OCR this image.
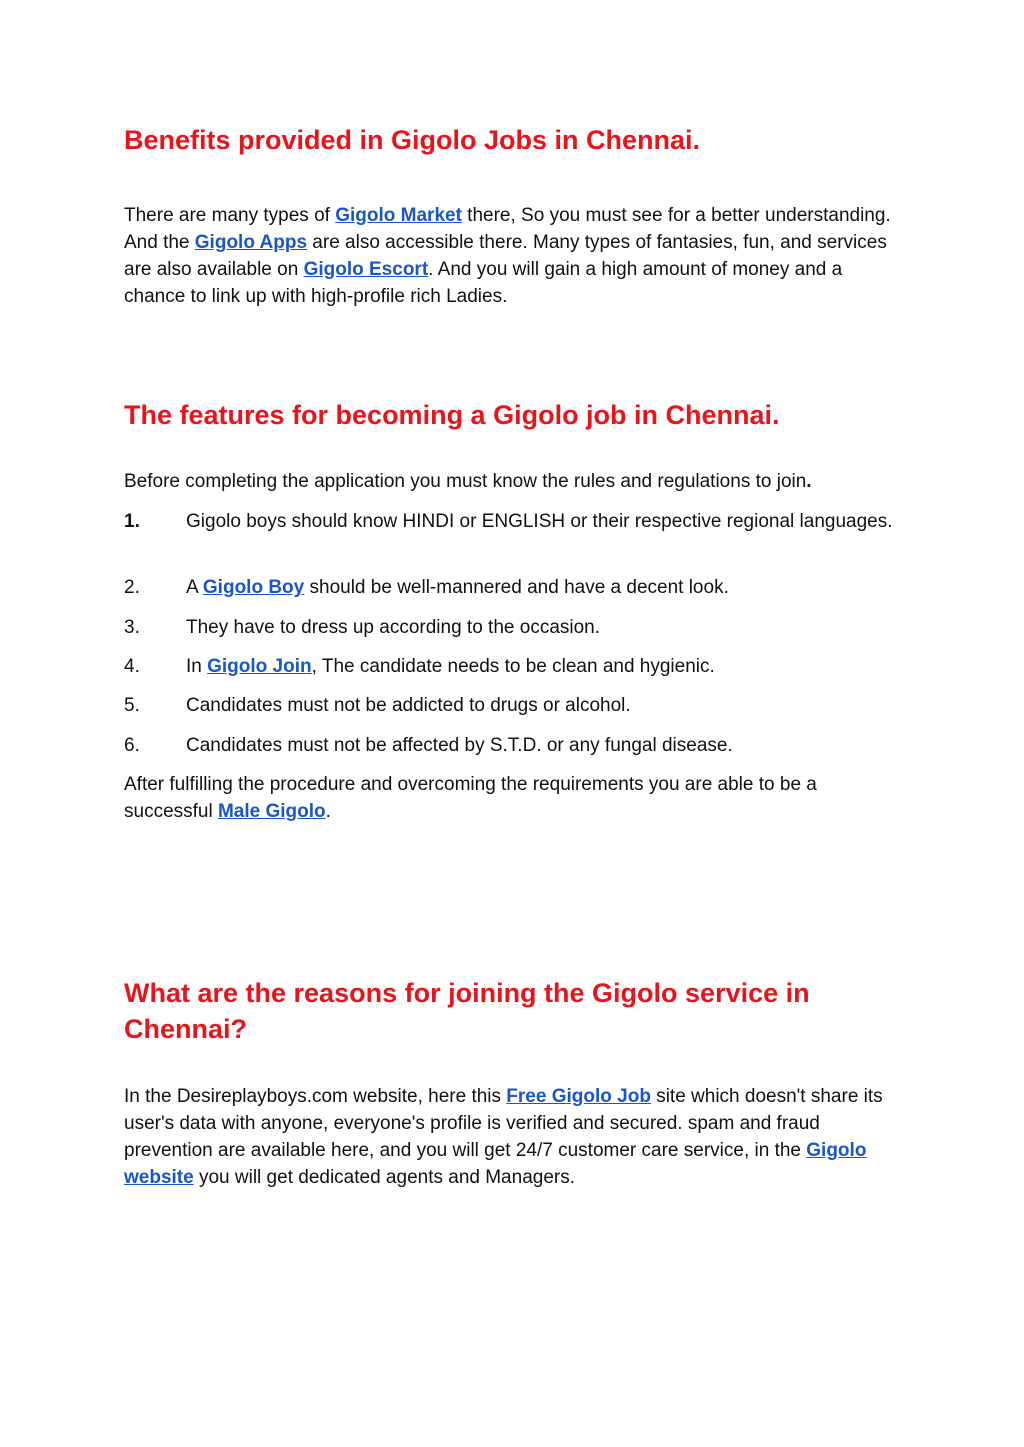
Benefits provided in Gigolo Jobs in Chennai.

There are many types of Gigolo Market there, So you must see for a better understanding. And the Gigolo Apps are also accessible there. Many types of fantasies, fun, and services are also available on Gigolo Escort. And you will gain a high amount of money and a chance to link up with high-profile rich Ladies.

The features for becoming a Gigolo job in Chennai.

Before completing the application you must know the rules and regulations to join.

1. Gigolo boys should know HINDI or ENGLISH or their respective regional languages.
2. A Gigolo Boy should be well-mannered and have a decent look.
3. They have to dress up according to the occasion.
4. In Gigolo Join, The candidate needs to be clean and hygienic.
5. Candidates must not be addicted to drugs or alcohol.
6. Candidates must not be affected by S.T.D. or any fungal disease.

After fulfilling the procedure and overcoming the requirements you are able to be a successful Male Gigolo.

What are the reasons for joining the Gigolo service in Chennai?

In the Desireplayboys.com website, here this Free Gigolo Job site which doesn't share its user's data with anyone, everyone's profile is verified and secured. spam and fraud prevention are available here, and you will get 24/7 customer care service, in the Gigolo website you will get dedicated agents and Managers.
